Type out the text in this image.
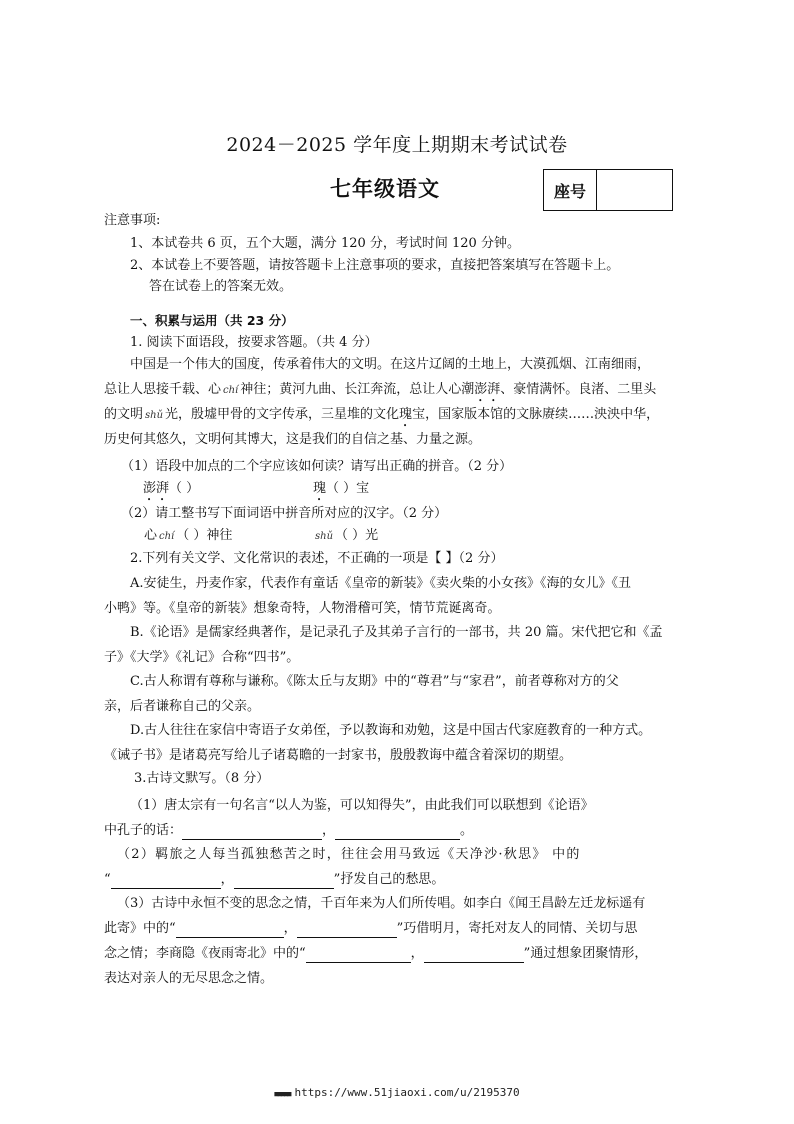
2024－2025 学年度上期期末考试试卷
七年级语文	座号
注意事项:
1、本试卷共 6 页，五个大题，满分 120 分，考试时间 120 分钟。
2、本试卷上不要答题，请按答题卡上注意事项的要求，直接把答案填写在答题卡上。
答在试卷上的答案无效。
一、积累与运用（共 23 分）
1. 阅读下面语段，按要求答题。（共 4 分）
中国是一个伟大的国度，传承着伟大的文明。在这片辽阔的土地上，大漠孤烟、江南细雨，
总让人思接千载、心 chí 神往；黄河九曲、长江奔流，总让人心潮澎湃、豪情满怀。良渚、二里头
的文明 shǔ 光，殷墟甲骨的文字传承，三星堆的文化瑰宝，国家版本馆的文脉赓续……泱泱中华，
历史何其悠久，文明何其博大，这是我们的自信之基、力量之源。
（1）语段中加点的二个字应该如何读？请写出正确的拼音。（2 分）
澎湃（ ）	瑰（ ）宝
（2）请工整书写下面词语中拼音所对应的汉字。（2 分）
心 chí （ ）神往	shǔ （ ）光
2.下列有关文学、文化常识的表述，不正确的一项是【 】（2 分）
A.安徒生，丹麦作家，代表作有童话《皇帝的新装》《卖火柴的小女孩》《海的女儿》《丑
小鸭》等。《皇帝的新装》想象奇特，人物滑稽可笑，情节荒诞离奇。
B.《论语》是儒家经典著作，是记录孔子及其弟子言行的一部书，共 20 篇。宋代把它和《孟
子》《大学》《礼记》合称“四书”。
C.古人称谓有尊称与谦称。《陈太丘与友期》中的“尊君”与“家君”，前者尊称对方的父
亲，后者谦称自己的父亲。
D.古人往往在家信中寄语子女弟侄，予以教诲和劝勉，这是中国古代家庭教育的一种方式。
《诫子书》是诸葛亮写给儿子诸葛瞻的一封家书，殷殷教诲中蕴含着深切的期望。
3.古诗文默写。（8 分）
（1）唐太宗有一句名言“以人为鉴，可以知得失”，由此我们可以联想到《论语》
中孔子的话：	，	。
（2）羁旅之人每当孤独愁苦之时，往往会用马致远《天净沙·秋思》 中的
“	，	”抒发自己的愁思。
（3）古诗中永恒不变的思念之情，千百年来为人们所传唱。如李白《闻王昌龄左迁龙标遥有
此寄》中的“	，	”巧借明月，寄托对友人的同情、关切与思
念之情；李商隐《夜雨寄北》中的“	，	”通过想象团聚情形，
表达对亲人的无尽思念之情。
■■■■■ https://www.51jiaoxi.com/u/2195370
